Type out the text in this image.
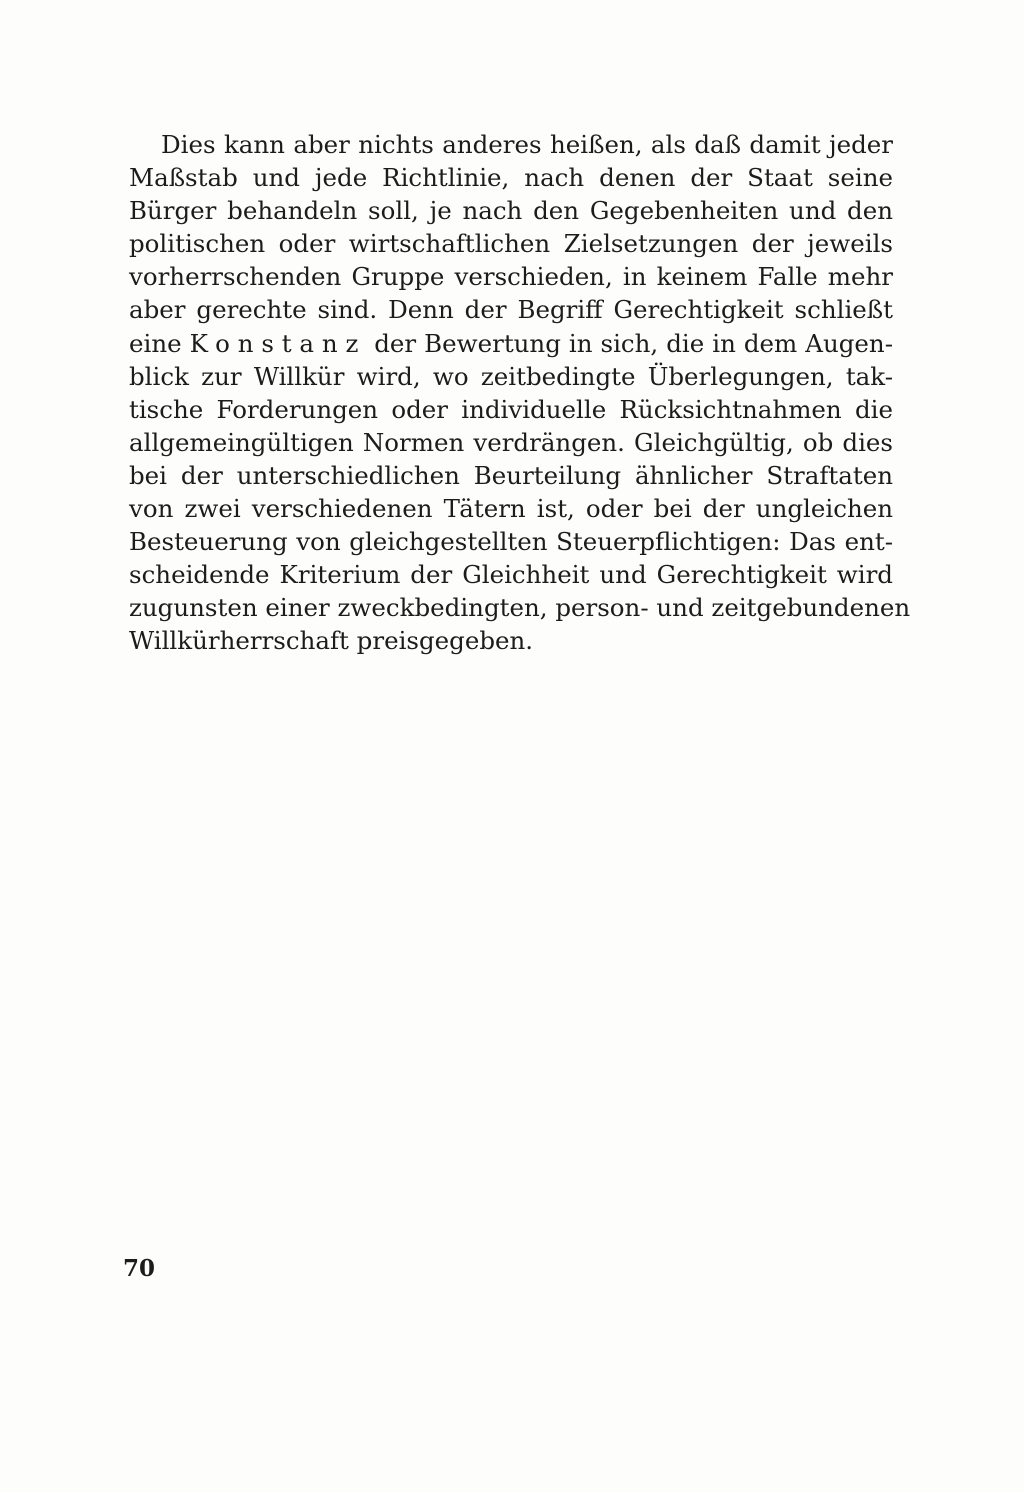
Dies kann aber nichts anderes heißen, als daß damit jeder
Maßstab und jede Richtlinie, nach denen der Staat seine
Bürger behandeln soll, je nach den Gegebenheiten und den
politischen oder wirtschaftlichen Zielsetzungen der jeweils
vorherrschenden Gruppe verschieden, in keinem Falle mehr
aber gerechte sind. Denn der Begriff Gerechtigkeit schließt
eine Konstanz der Bewertung in sich, die in dem Augen-
blick zur Willkür wird, wo zeitbedingte Überlegungen, tak-
tische Forderungen oder individuelle Rücksichtnahmen die
allgemeingültigen Normen verdrängen. Gleichgültig, ob dies
bei der unterschiedlichen Beurteilung ähnlicher Straftaten
von zwei verschiedenen Tätern ist, oder bei der ungleichen
Besteuerung von gleichgestellten Steuerpflichtigen: Das ent-
scheidende Kriterium der Gleichheit und Gerechtigkeit wird
zugunsten einer zweckbedingten, person- und zeitgebundenen
Willkürherrschaft preisgegeben.
70
